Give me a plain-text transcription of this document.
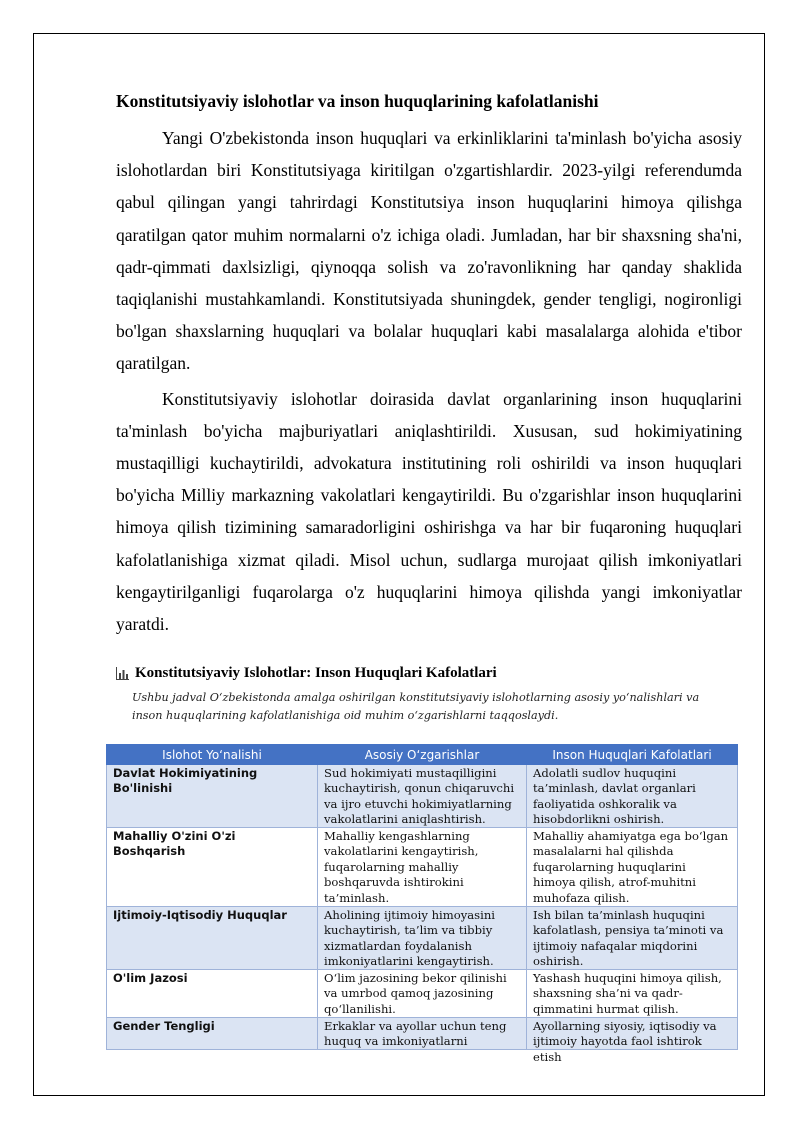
Konstitutsiyaviy islohotlar va inson huquqlarining kafolatlanishi

Yangi O'zbekistonda inson huquqlari va erkinliklarini ta'minlash bo'yicha asosiy islohotlardan biri Konstitutsiyaga kiritilgan o'zgartishlardir. 2023-yilgi referendumda qabul qilingan yangi tahrirdagi Konstitutsiya inson huquqlarini himoya qilishga qaratilgan qator muhim normalarni o'z ichiga oladi. Jumladan, har bir shaxsning sha'ni, qadr-qimmati daxlsizligi, qiynoqqa solish va zo'ravonlikning har qanday shaklida taqiqlanishi mustahkamlandi. Konstitutsiyada shuningdek, gender tengligi, nogironligi bo'lgan shaxslarning huquqlari va bolalar huquqlari kabi masalalarga alohida e'tibor qaratilgan.

Konstitutsiyaviy islohotlar doirasida davlat organlarining inson huquqlarini ta'minlash bo'yicha majburiyatlari aniqlashtirildi. Xususan, sud hokimiyatining mustaqilligi kuchaytirildi, advokatura institutining roli oshirildi va inson huquqlari bo'yicha Milliy markazning vakolatlari kengaytirildi. Bu o'zgarishlar inson huquqlarini himoya qilish tizimining samaradorligini oshirishga va har bir fuqaroning huquqlari kafolatlanishiga xizmat qiladi. Misol uchun, sudlarga murojaat qilish imkoniyatlari kengaytirilganligi fuqarolarga o'z huquqlarini himoya qilishda yangi imkoniyatlar yaratdi.

Konstitutsiyaviy Islohotlar: Inson Huquqlari Kafolatlari
Ushbu jadval O‘zbekistonda amalga oshirilgan konstitutsiyaviy islohotlarning asosiy yo‘nalishlari va inson huquqlarining kafolatlanishiga oid muhim o‘zgarishlarni taqqoslaydi.
Islohot Yo‘nalishi	Asosiy O‘zgarishlar	Inson Huquqlari Kafolatlari

Davlat Hokimiyatining Bo'linishi	Sud hokimiyati mustaqilligini kuchaytirish, qonun chiqaruvchi va ijro etuvchi hokimiyatlarning vakolatlarini aniqlashtirish.	Adolatli sudlov huquqini ta’minlash, davlat organlari faoliyatida oshkoralik va hisobdorlikni oshirish.

Mahalliy O'zini O'zi Boshqarish	Mahalliy kengashlarning vakolatlarini kengaytirish, fuqarolarning mahalliy boshqaruvda ishtirokini ta’minlash.	Mahalliy ahamiyatga ega bo‘lgan masalalarni hal qilishda fuqarolarning huquqlarini himoya qilish, atrof-muhitni muhofaza qilish.

Ijtimoiy-Iqtisodiy Huquqlar	Aholining ijtimoiy himoyasini kuchaytirish, ta’lim va tibbiy xizmatlardan foydalanish imkoniyatlarini kengaytirish.	Ish bilan ta’minlash huquqini kafolatlash, pensiya ta’minoti va ijtimoiy nafaqalar miqdorini oshirish.

O'lim Jazosi	O‘lim jazosining bekor qilinishi va umrbod qamoq jazosining qo‘llanilishi.	Yashash huquqini himoya qilish, shaxsning sha’ni va qadr-qimmatini hurmat qilish.

Gender Tengligi	Erkaklar va ayollar uchun teng huquq va imkoniyatlarni	Ayollarning siyosiy, iqtisodiy va ijtimoiy hayotda faol ishtirok etish
